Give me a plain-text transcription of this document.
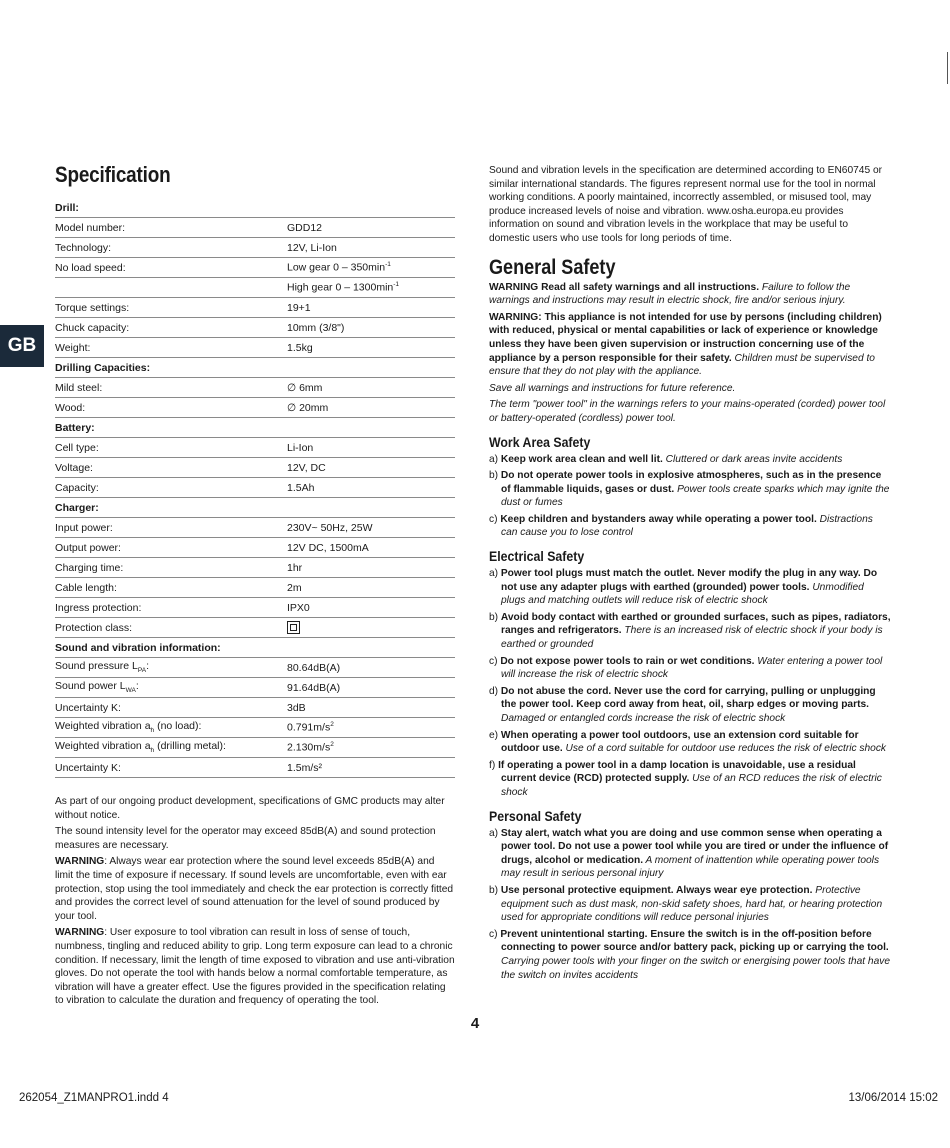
GB
Specification
Drill:	
Model number:	GDD12
Technology:	12V, Li-Ion
No load speed:	Low gear $0 - 350\min^{-1}$
	High gear $0 - 1300\min^{-1}$
Torque settings:	19+1
Chuck capacity:	10mm (3/8")
Weight:	1.5kg
Drilling Capacities:	
Mild steel:	∅ 6mm
Wood:	∅ 20mm
Battery:	
Cell type:	Li-Ion
Voltage:	12V, DC
Capacity:	1.5Ah
Charger:	
Input power:	230V~ 50Hz, 25W
Output power:	12V DC, 1500mA
Charging time:	1hr
Cable length:	2m
Ingress protection:	IPX0
Protection class:	
Sound and vibration information:	
Sound pressure $L_{PA}$:	80.64dB(A)
Sound power $L_{WA}$:	91.64dB(A)
Uncertainty K:	3dB
Weighted vibration $a_h$ (no load):	$0.791m/s^2$
Weighted vibration $a_h$ (drilling metal):	$2.130m/s^2$
Uncertainty K:	1.5m/s²

As part of our ongoing product development, specifications of GMC products may alter without notice.

The sound intensity level for the operator may exceed 85dB(A) and sound protection measures are necessary.

WARNING: Always wear ear protection where the sound level exceeds 85dB(A) and limit the time of exposure if necessary. If sound levels are uncomfortable, even with ear protection, stop using the tool immediately and check the ear protection is correctly fitted and provides the correct level of sound attenuation for the level of sound produced by your tool.

WARNING: User exposure to tool vibration can result in loss of sense of touch, numbness, tingling and reduced ability to grip. Long term exposure can lead to a chronic condition. If necessary, limit the length of time exposed to vibration and use anti-vibration gloves. Do not operate the tool with hands below a normal comfortable temperature, as vibration will have a greater effect. Use the figures provided in the specification relating to vibration to calculate the duration and frequency of operating the tool.

Sound and vibration levels in the specification are determined according to EN60745 or similar international standards. The figures represent normal use for the tool in normal working conditions. A poorly maintained, incorrectly assembled, or misused tool, may produce increased levels of noise and vibration. www.osha.europa.eu provides information on sound and vibration levels in the workplace that may be useful to domestic users who use tools for long periods of time.

General Safety

WARNING Read all safety warnings and all instructions. Failure to follow the warnings and instructions may result in electric shock, fire and/or serious injury.

WARNING: This appliance is not intended for use by persons (including children) with reduced, physical or mental capabilities or lack of experience or knowledge unless they have been given supervision or instruction concerning use of the appliance by a person responsible for their safety. Children must be supervised to ensure that they do not play with the appliance.

Save all warnings and instructions for future reference.

The term "power tool" in the warnings refers to your mains-operated (corded) power tool or battery-operated (cordless) power tool.

Work Area Safety
a) Keep work area clean and well lit. Cluttered or dark areas invite accidents
b) Do not operate power tools in explosive atmospheres, such as in the presence of flammable liquids, gases or dust. Power tools create sparks which may ignite the dust or fumes
c) Keep children and bystanders away while operating a power tool. Distractions can cause you to lose control
Electrical Safety
a) Power tool plugs must match the outlet. Never modify the plug in any way. Do not use any adapter plugs with earthed (grounded) power tools. Unmodified plugs and matching outlets will reduce risk of electric shock
b) Avoid body contact with earthed or grounded surfaces, such as pipes, radiators, ranges and refrigerators. There is an increased risk of electric shock if your body is earthed or grounded
c) Do not expose power tools to rain or wet conditions. Water entering a power tool will increase the risk of electric shock
d) Do not abuse the cord. Never use the cord for carrying, pulling or unplugging the power tool. Keep cord away from heat, oil, sharp edges or moving parts. Damaged or entangled cords increase the risk of electric shock
e) When operating a power tool outdoors, use an extension cord suitable for outdoor use. Use of a cord suitable for outdoor use reduces the risk of electric shock
f) If operating a power tool in a damp location is unavoidable, use a residual current device (RCD) protected supply. Use of an RCD reduces the risk of electric shock
Personal Safety
a) Stay alert, watch what you are doing and use common sense when operating a power tool. Do not use a power tool while you are tired or under the influence of drugs, alcohol or medication. A moment of inattention while operating power tools may result in serious personal injury
b) Use personal protective equipment. Always wear eye protection. Protective equipment such as dust mask, non-skid safety shoes, hard hat, or hearing protection used for appropriate conditions will reduce personal injuries
c) Prevent unintentional starting. Ensure the switch is in the off-position before connecting to power source and/or battery pack, picking up or carrying the tool. Carrying power tools with your finger on the switch or energising power tools that have the switch on invites accidents
4
262054_Z1MANPRO1.indd 4	13/06/2014 15:02
